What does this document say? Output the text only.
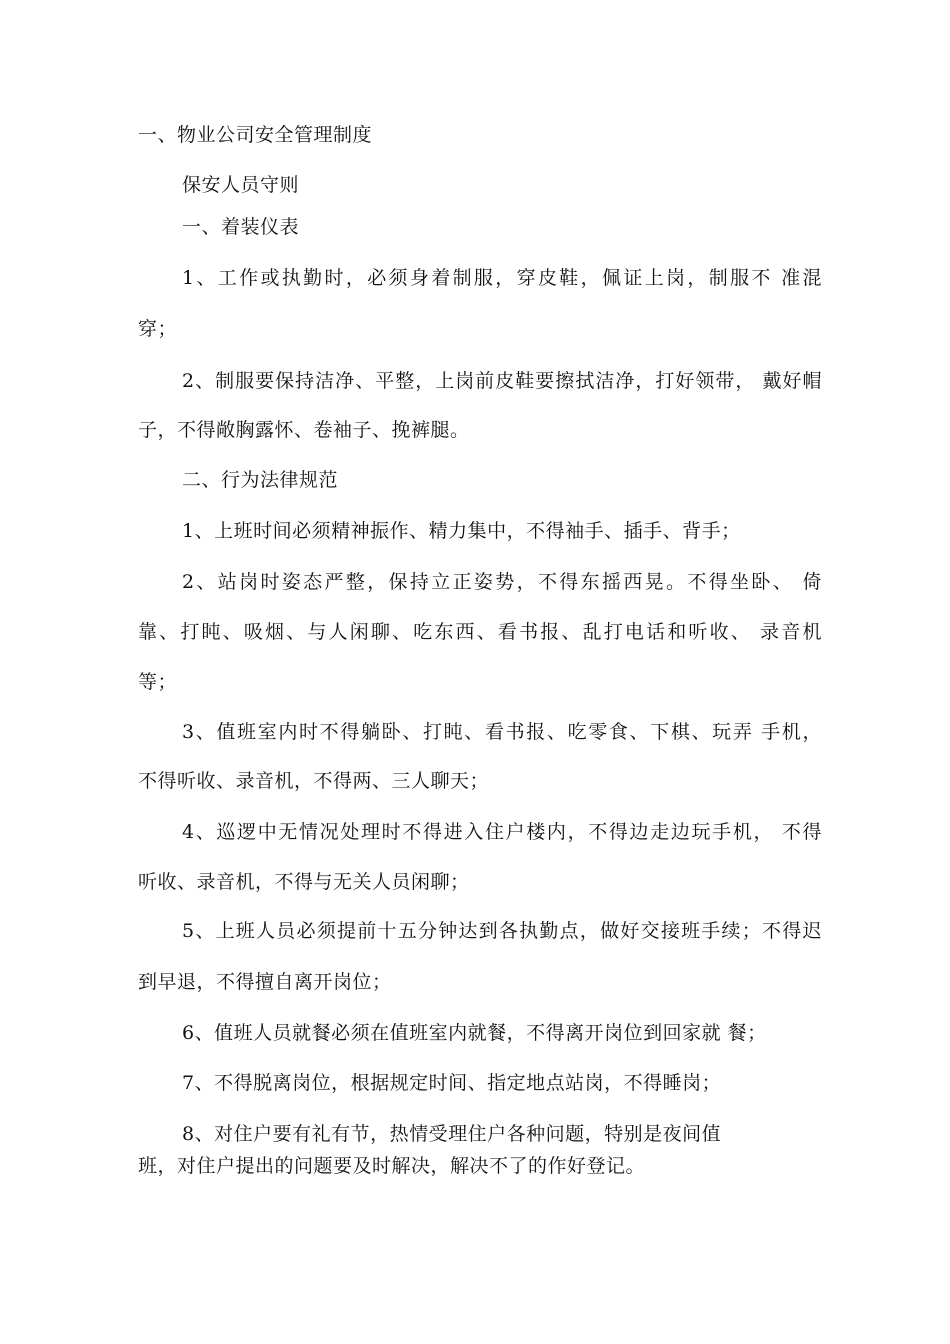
一、物业公司安全管理制度
保安人员守则
一、着装仪表
1、工作或执勤时，必须身着制服，穿皮鞋，佩证上岗，制服不 准混
穿；
2、制服要保持洁净、平整，上岗前皮鞋要擦拭洁净，打好领带， 戴好帽
子，不得敞胸露怀、卷袖子、挽裤腿。
二、行为法律规范
1、上班时间必须精神振作、精力集中，不得袖手、插手、背手；
2、站岗时姿态严整，保持立正姿势，不得东摇西晃。不得坐卧、 倚
靠、打盹、吸烟、与人闲聊、吃东西、看书报、乱打电话和听收、 录音机
等；
3、值班室内时不得躺卧、打盹、看书报、吃零食、下棋、玩弄 手机，
不得听收、录音机，不得两、三人聊天；
4、巡逻中无情况处理时不得进入住户楼内，不得边走边玩手机， 不得
听收、录音机，不得与无关人员闲聊；
5、上班人员必须提前十五分钟达到各执勤点，做好交接班手续；不得迟
到早退，不得擅自离开岗位；
6、值班人员就餐必须在值班室内就餐，不得离开岗位到回家就 餐；
7、不得脱离岗位，根据规定时间、指定地点站岗，不得睡岗；
8、对住户要有礼有节，热情受理住户各种问题，特别是夜间值
班，对住户提出的问题要及时解决，解决不了的作好登记。
